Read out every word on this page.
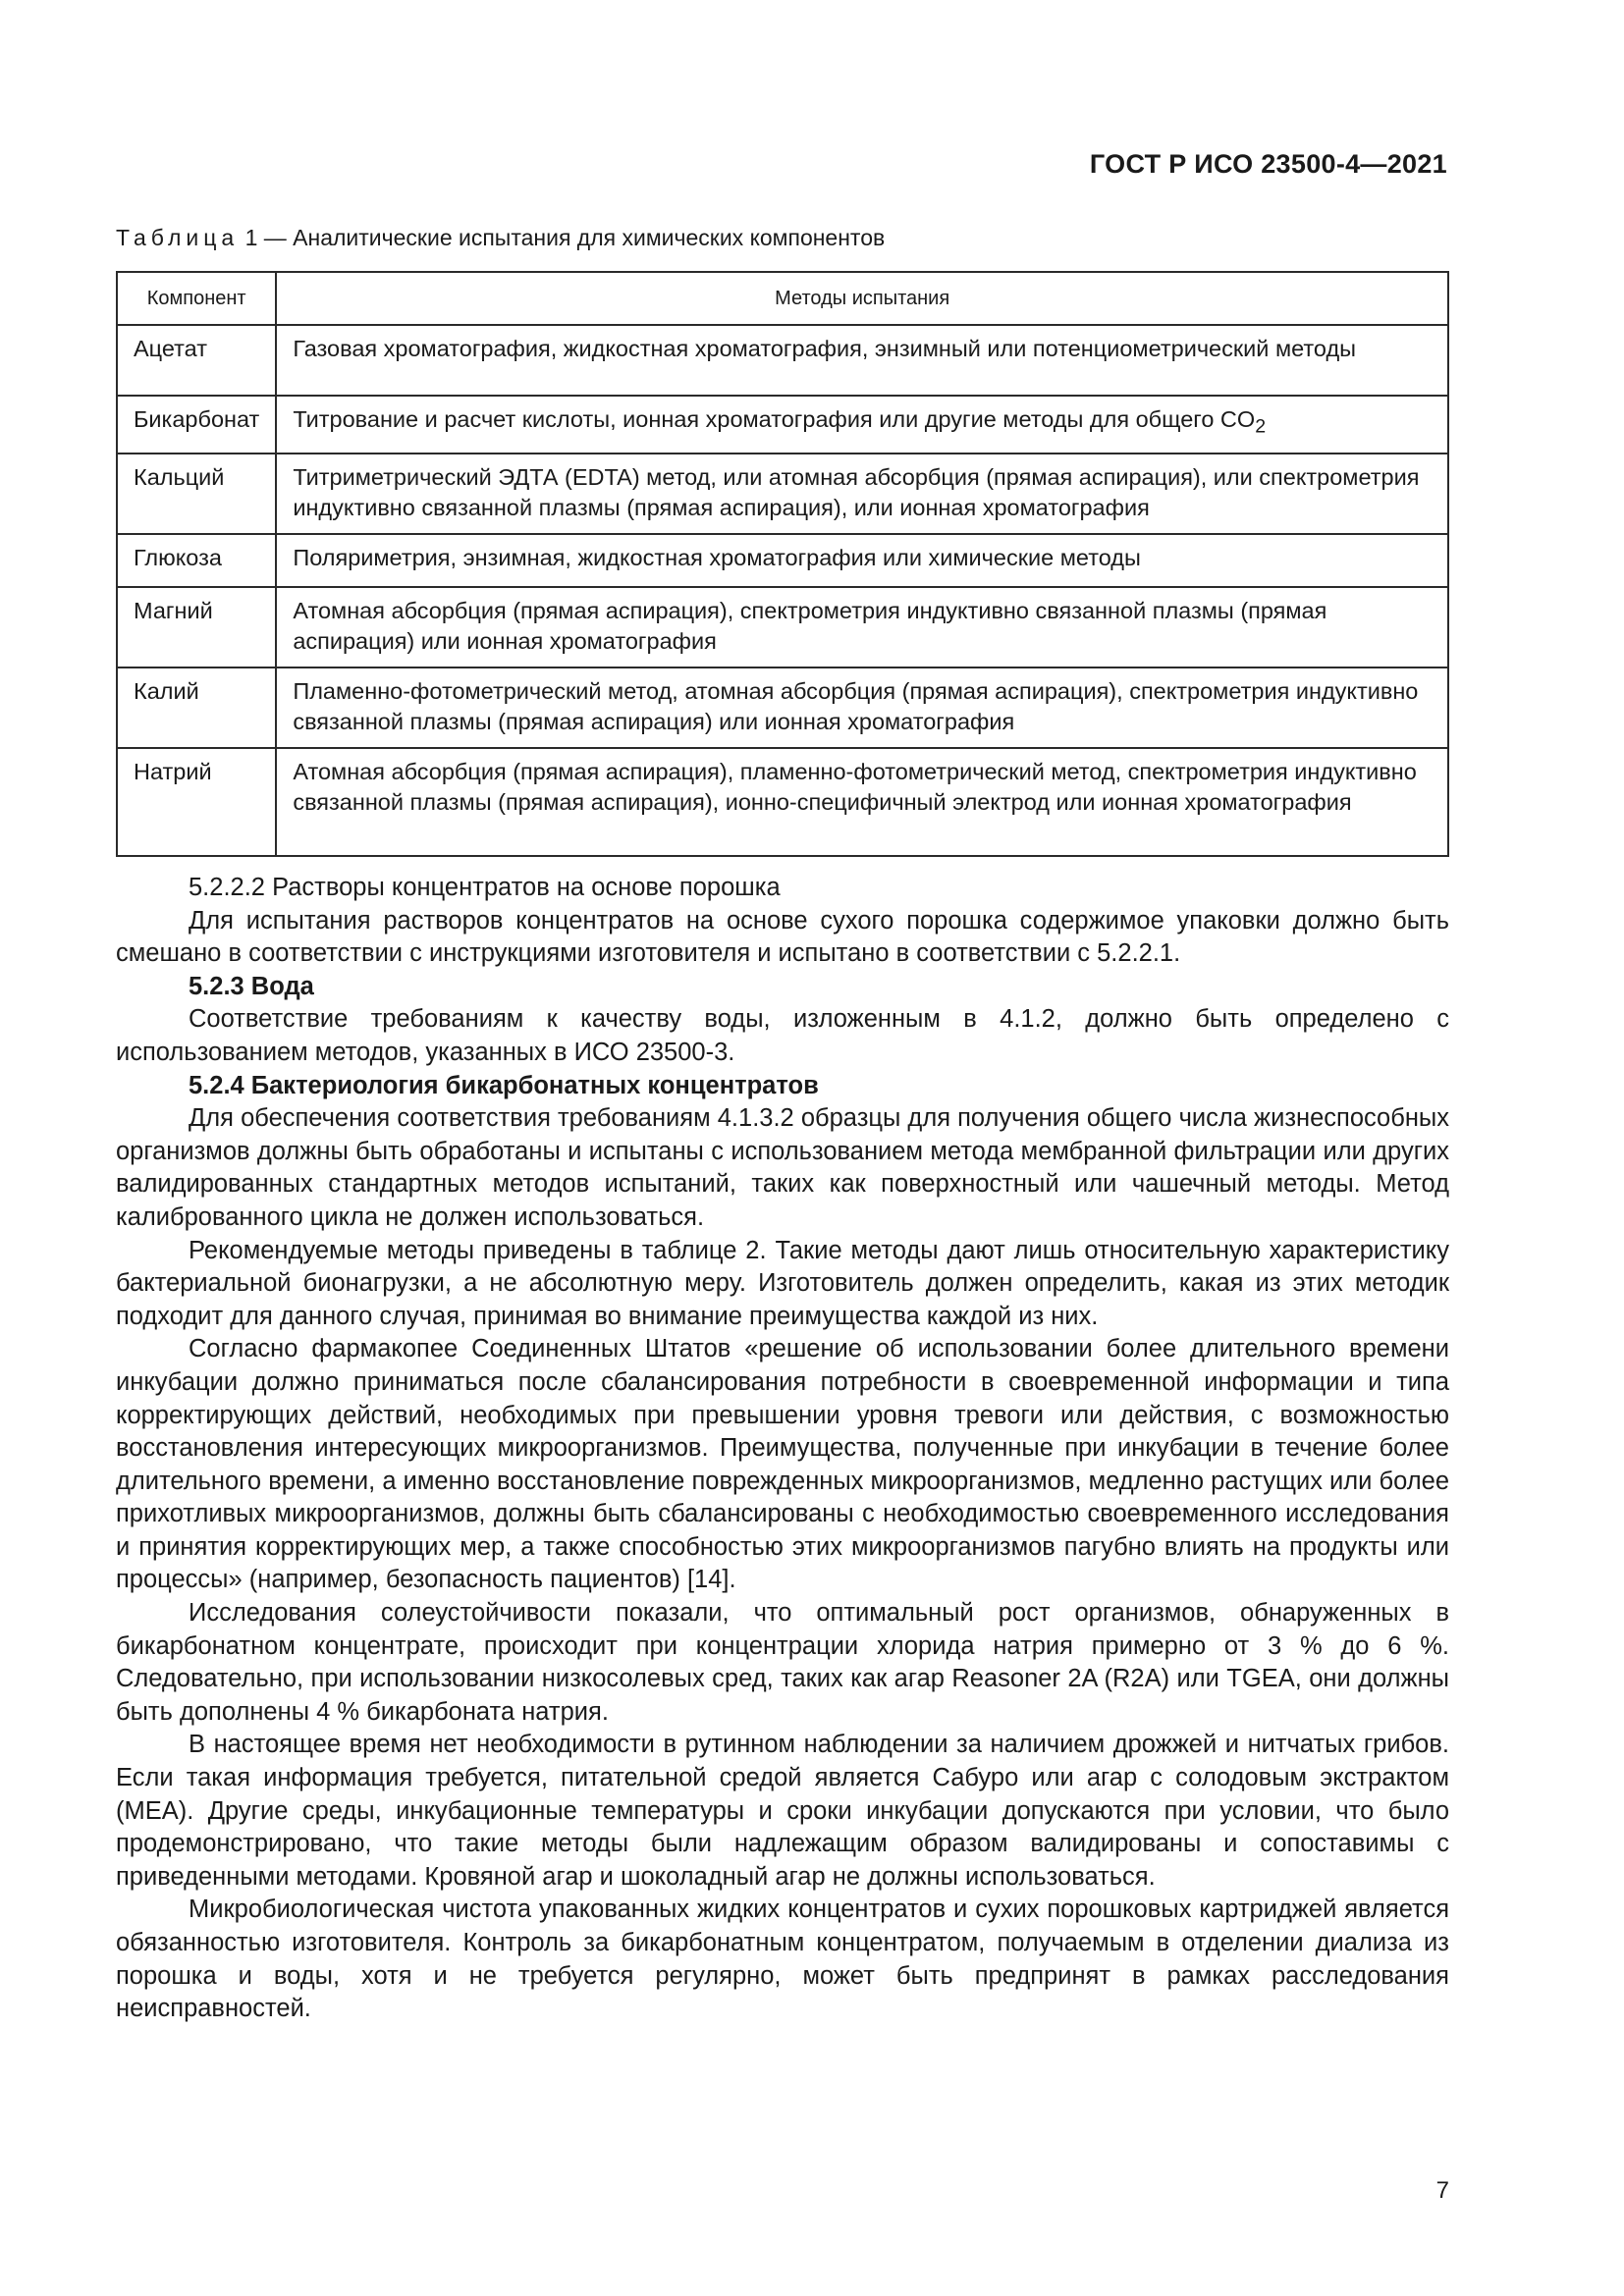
ГОСТ Р ИСО 23500-4—2021
Таблица 1 — Аналитические испытания для химических компонентов
Компонент	Методы испытания
Ацетат	Газовая хроматография, жидкостная хроматография, энзимный или потенциометрический методы
Бикарбонат	Титрование и расчет кислоты, ионная хроматография или другие методы для общего $CO_2$
Кальций	Титриметрический ЭДТА (EDTA) метод, или атомная абсорбция (прямая аспирация), или спектрометрия индуктивно связанной плазмы (прямая аспирация), или ионная хроматография
Глюкоза	Поляриметрия, энзимная, жидкостная хроматография или химические методы
Магний	Атомная абсорбция (прямая аспирация), спектрометрия индуктивно связанной плазмы (прямая аспирация) или ионная хроматография
Калий	Пламенно-фотометрический метод, атомная абсорбция (прямая аспирация), спектрометрия индуктивно связанной плазмы (прямая аспирация) или ионная хроматография
Натрий	Атомная абсорбция (прямая аспирация), пламенно-фотометрический метод, спектрометрия индуктивно связанной плазмы (прямая аспирация), ионно-специфичный электрод или ионная хроматография

5.2.2.2 Растворы концентратов на основе порошка

Для испытания растворов концентратов на основе сухого порошка содержимое упаковки должно быть смешано в соответствии с инструкциями изготовителя и испытано в соответствии с 5.2.2.1.

5.2.3 Вода

Соответствие требованиям к качеству воды, изложенным в 4.1.2, должно быть определено с использованием методов, указанных в ИСО 23500-3.

5.2.4 Бактериология бикарбонатных концентратов

Для обеспечения соответствия требованиям 4.1.3.2 образцы для получения общего числа жизнеспособных организмов должны быть обработаны и испытаны с использованием метода мембранной фильтрации или других валидированных стандартных методов испытаний, таких как поверхностный или чашечный методы. Метод калиброванного цикла не должен использоваться.

Рекомендуемые методы приведены в таблице 2. Такие методы дают лишь относительную характеристику бактериальной бионагрузки, а не абсолютную меру. Изготовитель должен определить, какая из этих методик подходит для данного случая, принимая во внимание преимущества каждой из них.

Согласно фармакопее Соединенных Штатов «решение об использовании более длительного времени инкубации должно приниматься после сбалансирования потребности в своевременной информации и типа корректирующих действий, необходимых при превышении уровня тревоги или действия, с возможностью восстановления интересующих микроорганизмов. Преимущества, полученные при инкубации в течение более длительного времени, а именно восстановление поврежденных микроорганизмов, медленно растущих или более прихотливых микроорганизмов, должны быть сбалансированы с необходимостью своевременного исследования и принятия корректирующих мер, а также способностью этих микроорганизмов пагубно влиять на продукты или процессы» (например, безопасность пациентов) [14].

Исследования солеустойчивости показали, что оптимальный рост организмов, обнаруженных в бикарбонатном концентрате, происходит при концентрации хлорида натрия примерно от 3 % до 6 %. Следовательно, при использовании низкосолевых сред, таких как агар Reasoner 2A (R2A) или TGEA, они должны быть дополнены 4 % бикарбоната натрия.

В настоящее время нет необходимости в рутинном наблюдении за наличием дрожжей и нитчатых грибов. Если такая информация требуется, питательной средой является Сабуро или агар с солодовым экстрактом (MEA). Другие среды, инкубационные температуры и сроки инкубации допускаются при условии, что было продемонстрировано, что такие методы были надлежащим образом валидированы и сопоставимы с приведенными методами. Кровяной агар и шоколадный агар не должны использоваться.

Микробиологическая чистота упакованных жидких концентратов и сухих порошковых картриджей является обязанностью изготовителя. Контроль за бикарбонатным концентратом, получаемым в отделении диализа из порошка и воды, хотя и не требуется регулярно, может быть предпринят в рамках расследования неисправностей.

7
